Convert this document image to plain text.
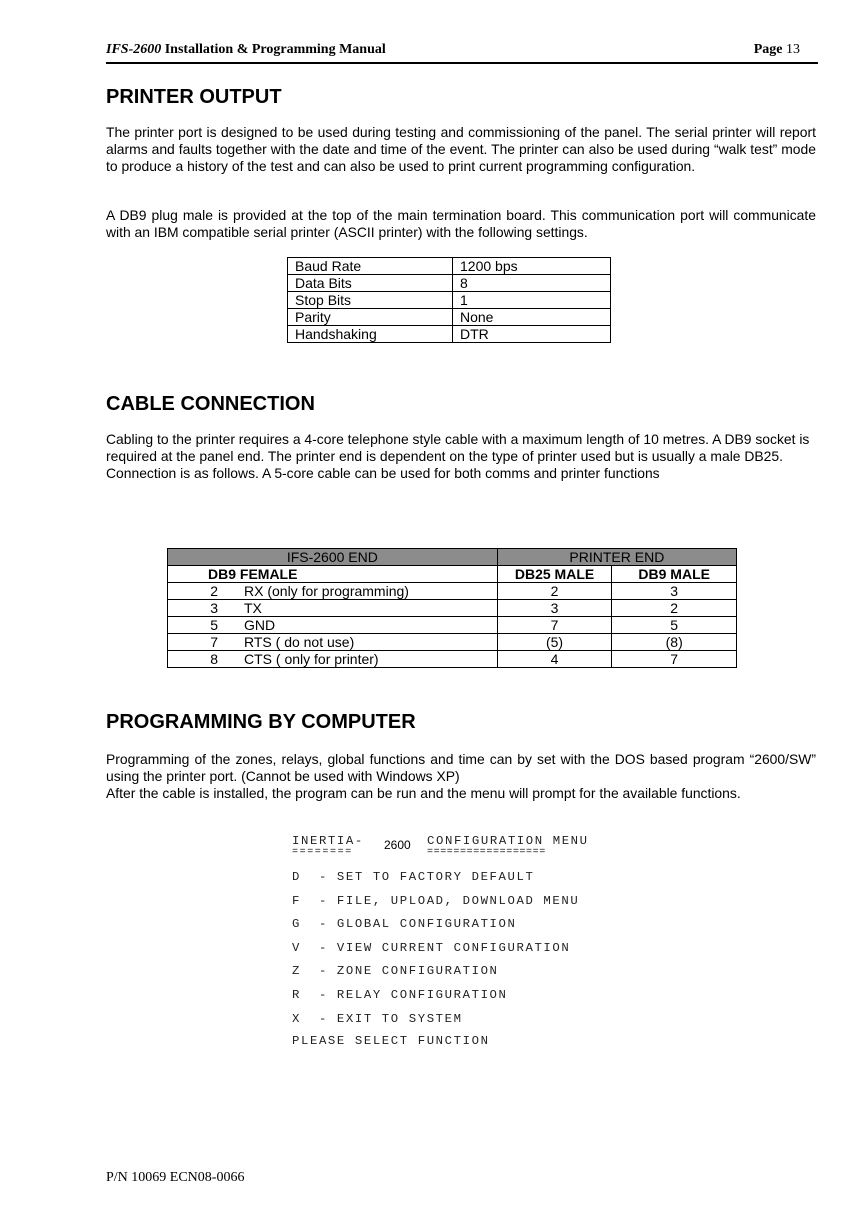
IFS-2600 Installation & Programming Manual	Page 13
PRINTER OUTPUT
The printer port is designed to be used during testing and commissioning of the panel. The serial printer will report alarms and faults together with the date and time of the event. The printer can also be used during “walk test” mode to produce a history of the test and can also be used to print current programming configuration.
A DB9 plug male is provided at the top of the main termination board. This communication port will communicate with an IBM compatible serial printer (ASCII printer) with the following settings.
Baud Rate	1200 bps
Data Bits	8
Stop Bits	1
Parity	None
Handshaking	DTR
CABLE CONNECTION
Cabling to the printer requires a 4-core telephone style cable with a maximum length of 10 metres. A DB9 socket is required at the panel end. The printer end is dependent on the type of printer used but is usually a male DB25. Connection is as follows. A 5-core cable can be used for both comms and printer functions
IFS-2600 END	PRINTER END	
DB9 FEMALE	DB25 MALE	DB9 MALE
2 RX (only for programming)	2	3
3 TX	3	2
5 GND	7	5
7 RTS ( do not use)	(5)	(8)
8 CTS ( only for printer)	4	7
PROGRAMMING BY COMPUTER
Programming of the zones, relays, global functions and time can by set with the DOS based program “2600/SW” using the printer port. (Cannot be used with Windows XP)
After the cable is installed, the program can be run and the menu will prompt for the available functions.
INERTIA- 2600 CONFIGURATION MENU
========	==================
D  - SET TO FACTORY DEFAULT
F  - FILE, UPLOAD, DOWNLOAD MENU
G  - GLOBAL CONFIGURATION
V  - VIEW CURRENT CONFIGURATION
Z  - ZONE CONFIGURATION
R  - RELAY CONFIGURATION
X  - EXIT TO SYSTEM
PLEASE SELECT FUNCTION
P/N 10069 ECN08-0066
